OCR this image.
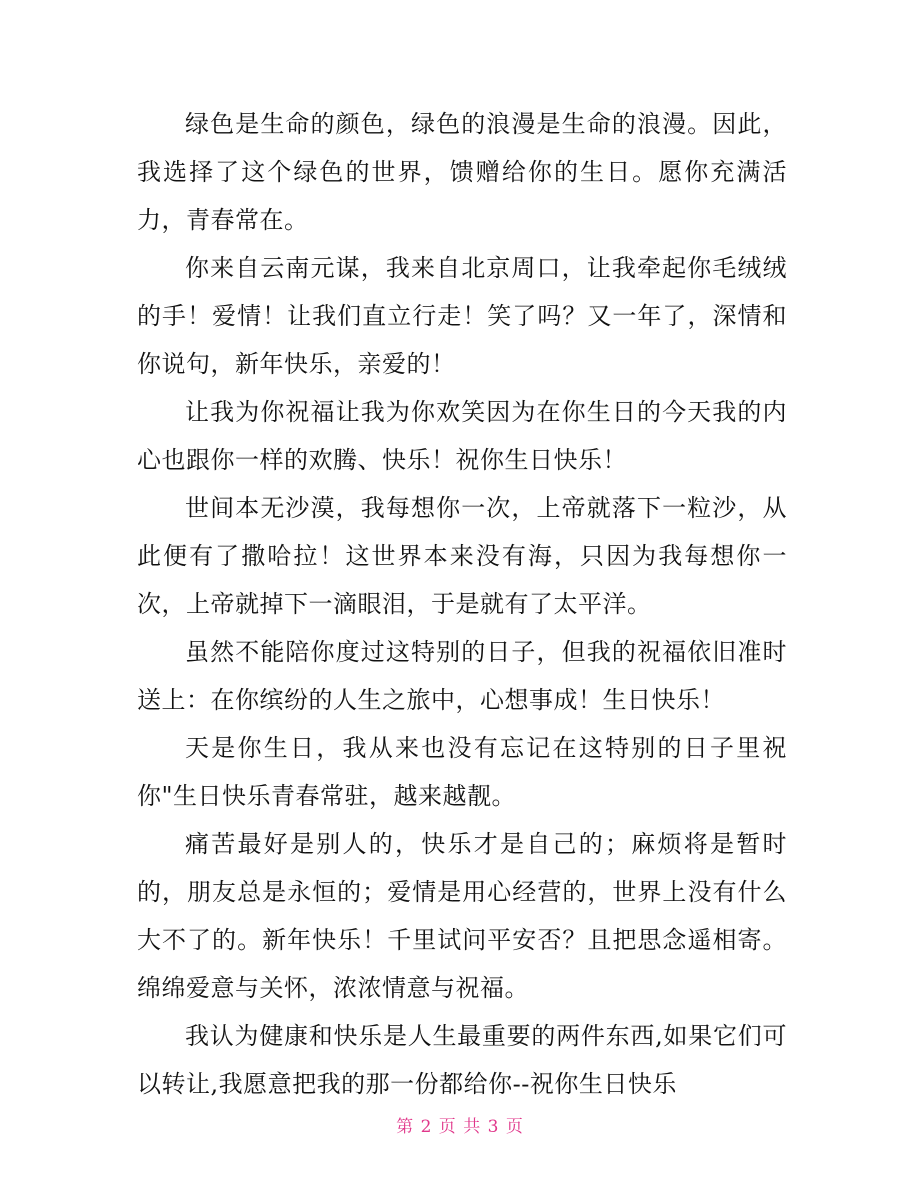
绿色是生命的颜色，绿色的浪漫是生命的浪漫。因此，我选择了这个绿色的世界，馈赠给你的生日。愿你充满活力，青春常在。

你来自云南元谋，我来自北京周口，让我牵起你毛绒绒的手！爱情！让我们直立行走！笑了吗？又一年了，深情和你说句，新年快乐，亲爱的！

让我为你祝福让我为你欢笑因为在你生日的今天我的内心也跟你一样的欢腾、快乐！祝你生日快乐！

世间本无沙漠，我每想你一次，上帝就落下一粒沙，从此便有了撒哈拉！这世界本来没有海，只因为我每想你一次，上帝就掉下一滴眼泪，于是就有了太平洋。

虽然不能陪你度过这特别的日子，但我的祝福依旧准时送上：在你缤纷的人生之旅中，心想事成！生日快乐！

天是你生日，我从来也没有忘记在这特别的日子里祝你"生日快乐青春常驻，越来越靓。

痛苦最好是别人的，快乐才是自己的；麻烦将是暂时的，朋友总是永恒的；爱情是用心经营的，世界上没有什么大不了的。新年快乐！千里试问平安否？且把思念遥相寄。绵绵爱意与关怀，浓浓情意与祝福。

我认为健康和快乐是人生最重要的两件东西,如果它们可以转让,我愿意把我的那一份都给你--祝你生日快乐

第 2 页 共 3 页
